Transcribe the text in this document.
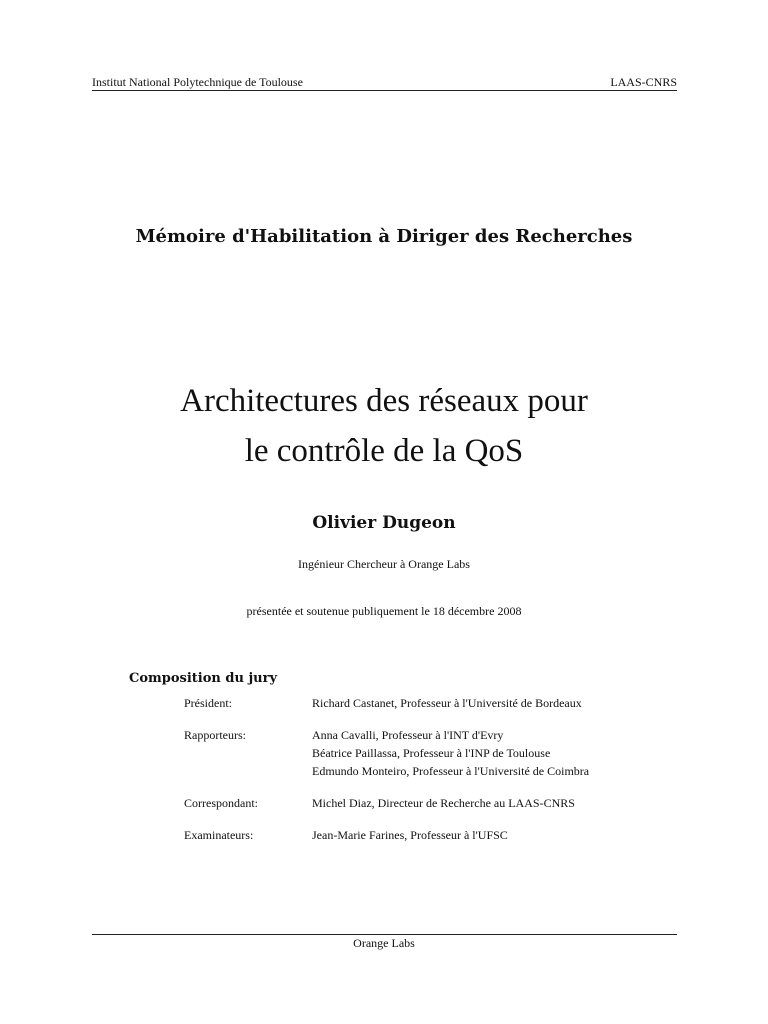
Institut National Polytechnique de Toulouse	LAAS-CNRS
Mémoire d'Habilitation à Diriger des Recherches
Architectures des réseaux pour
le contrôle de la QoS
Olivier Dugeon
Ingénieur Chercheur à Orange Labs
présentée et soutenue publiquement le 18 décembre 2008
Composition du jury
Président:	Richard Castanet, Professeur à l'Université de Bordeaux
Rapporteurs:	Anna Cavalli, Professeur à l'INT d'Evry
Béatrice Paillassa, Professeur à l'INP de Toulouse
Edmundo Monteiro, Professeur à l'Université de Coimbra
Correspondant:	Michel Diaz, Directeur de Recherche au LAAS-CNRS
Examinateurs:	Jean-Marie Farines, Professeur à l'UFSC
Orange Labs
